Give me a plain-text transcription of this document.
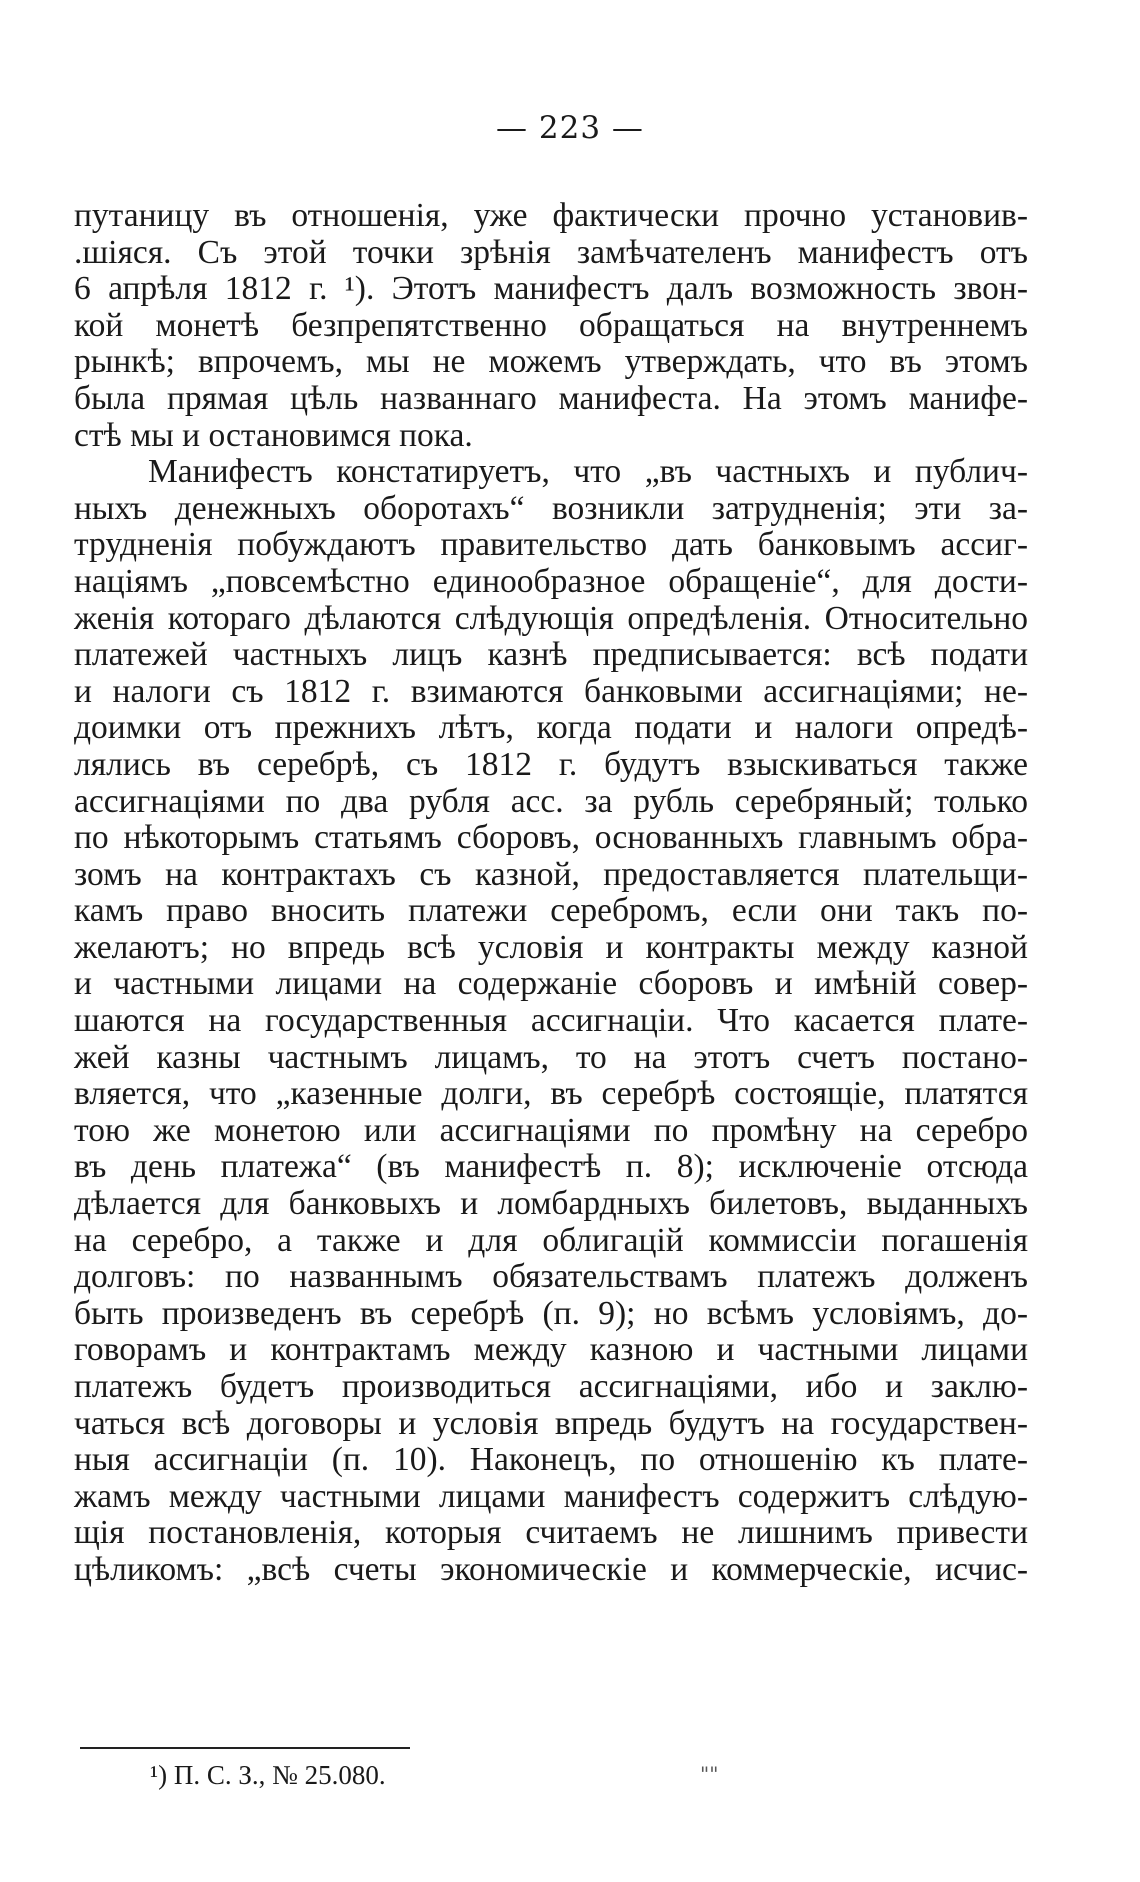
— 223 —
путаницу въ отношенія, уже фактически прочно установив-
.шіяся. Съ этой точки зрѣнія замѣчателенъ манифестъ отъ
6 апрѣля 1812 г. ¹). Этотъ манифестъ далъ возможность звон-
кой монетѣ безпрепятственно обращаться на внутреннемъ
рынкѣ; впрочемъ, мы не можемъ утверждать, что въ этомъ
была прямая цѣль названнаго манифеста. На этомъ манифе-
стѣ мы и остановимся пока.
Манифестъ констатируетъ, что „въ частныхъ и публич-
ныхъ денежныхъ оборотахъ“ возникли затрудненія; эти за-
трудненія побуждаютъ правительство дать банковымъ ассиг-
націямъ „повсемѣстно единообразное обращеніе“, для дости-
женія котораго дѣлаются слѣдующія опредѣленія. Относительно
платежей частныхъ лицъ казнѣ предписывается: всѣ подати
и налоги съ 1812 г. взимаются банковыми ассигнаціями; не-
доимки отъ прежнихъ лѣтъ, когда подати и налоги опредѣ-
лялись въ серебрѣ, съ 1812 г. будутъ взыскиваться также
ассигнаціями по два рубля асс. за рубль серебряный; только
по нѣкоторымъ статьямъ сборовъ, основанныхъ главнымъ обра-
зомъ на контрактахъ съ казной, предоставляется плательщи-
камъ право вносить платежи серебромъ, если они такъ по-
желаютъ; но впредь всѣ условія и контракты между казной
и частными лицами на содержаніе сборовъ и имѣній совер-
шаются на государственныя ассигнаціи. Что касается плате-
жей казны частнымъ лицамъ, то на этотъ счетъ постано-
вляется, что „казенные долги, въ серебрѣ состоящіе, платятся
тою же монетою или ассигнаціями по промѣну на серебро
въ день платежа“ (въ манифестѣ п. 8); исключеніе отсюда
дѣлается для банковыхъ и ломбардныхъ билетовъ, выданныхъ
на серебро, а также и для облигацій коммиссіи погашенія
долговъ: по названнымъ обязательствамъ платежъ долженъ
быть произведенъ въ серебрѣ (п. 9); но всѣмъ условіямъ, до-
говорамъ и контрактамъ между казною и частными лицами
платежъ будетъ производиться ассигнаціями, ибо и заклю-
чаться всѣ договоры и условія впредь будутъ на государствен-
ныя ассигнаціи (п. 10). Наконецъ, по отношенію къ плате-
жамъ между частными лицами манифестъ содержитъ слѣдую-
щія постановленія, которыя считаемъ не лишнимъ привести
цѣликомъ: „всѣ счеты экономическіе и коммерческіе, исчис-
¹) П. С. З., № 25.080.	""
